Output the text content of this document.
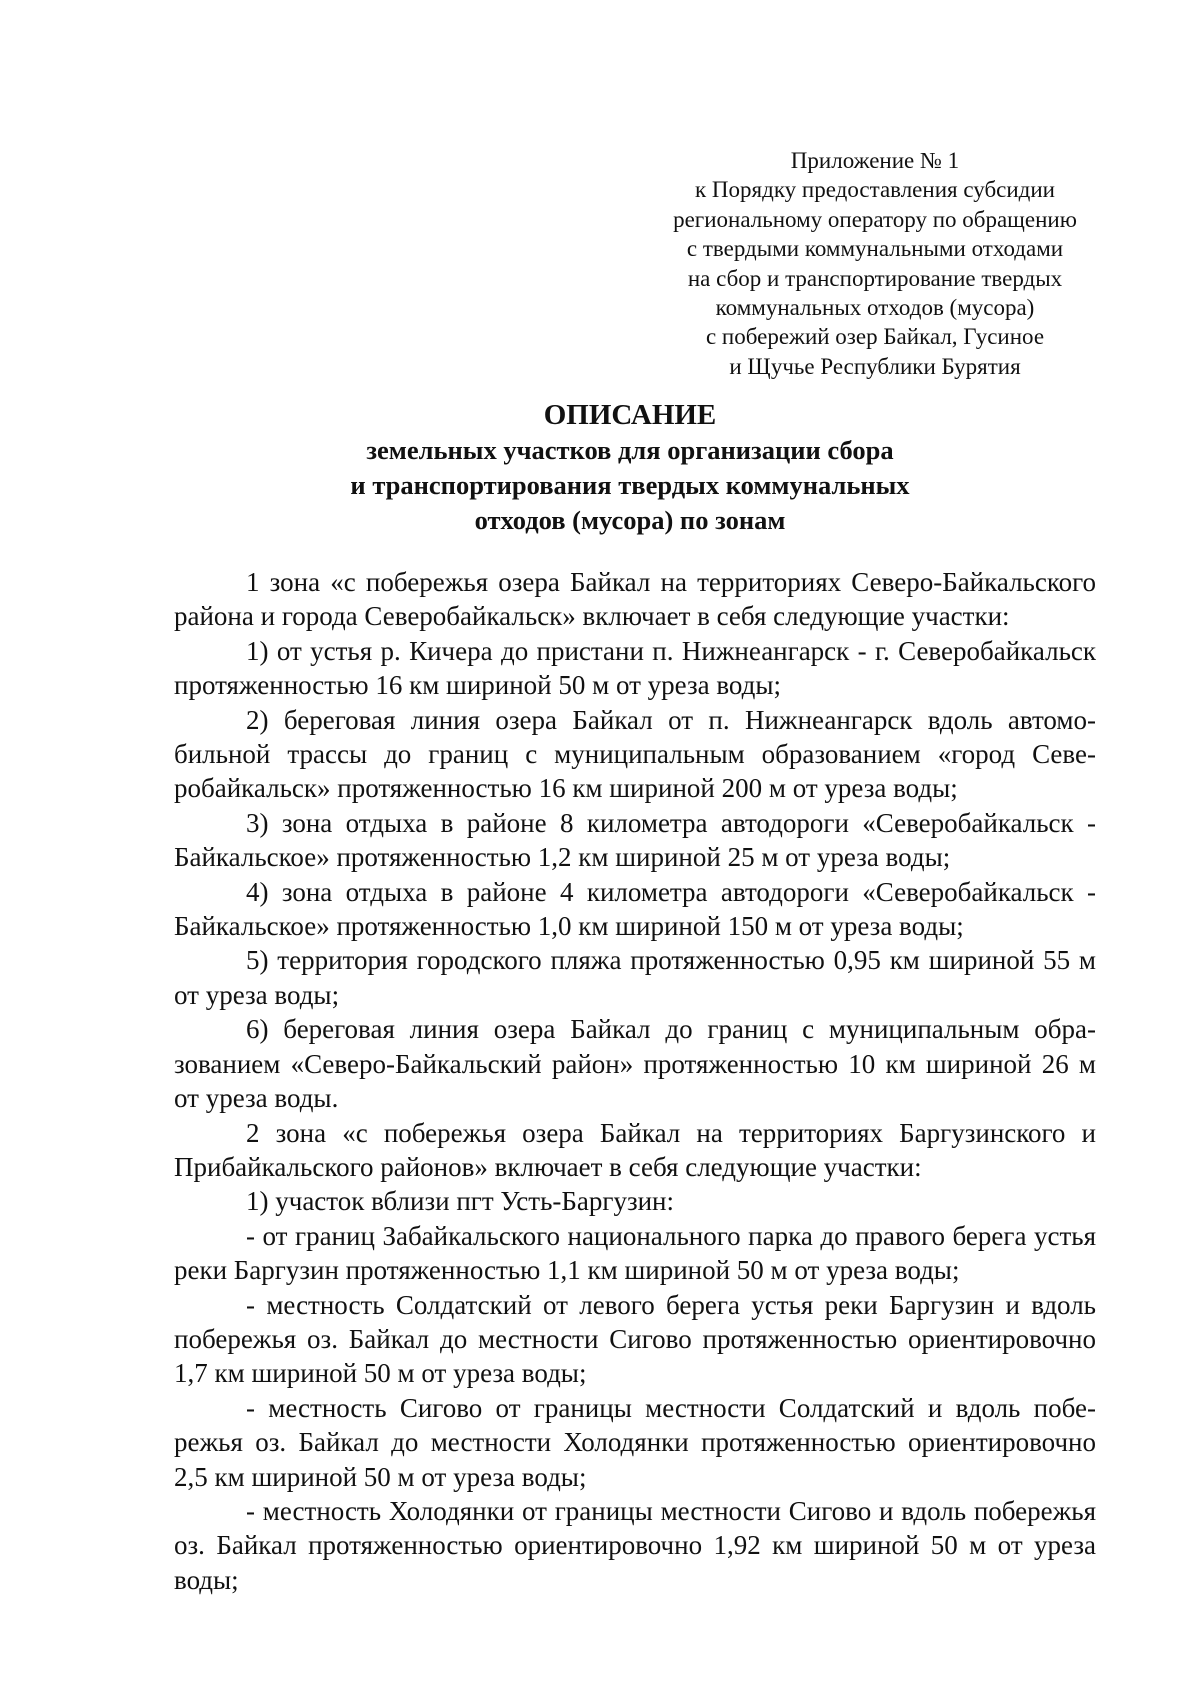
Приложение № 1
к Порядку предоставления субсидии
региональному оператору по обращению
с твердыми коммунальными отходами
на сбор и транспортирование твердых
коммунальных отходов (мусора)
с побережий озер Байкал, Гусиное
и Щучье Республики Бурятия
ОПИСАНИЕ
земельных участков для организации сбора
и транспортирования твердых коммунальных
отходов (мусора) по зонам

1 зона «с побережья озера Байкал на территориях Северо-Байкальского района и города Северобайкальск» включает в себя следующие участки:

1) от устья р. Кичера до пристани п. Нижнеангарск - г. Северобайкальск протяженностью 16 км шириной 50 м от уреза воды;

2) береговая линия озера Байкал от п. Нижнеангарск вдоль автомобильной трассы до границ с муниципальным образованием «город Северобайкальск» протяженностью 16 км шириной 200 м от уреза воды;

3) зона отдыха в районе 8 километра автодороги «Северобайкальск - Байкальское» протяженностью 1,2 км шириной 25 м от уреза воды;

4) зона отдыха в районе 4 километра автодороги «Северобайкальск - Байкальское» протяженностью 1,0 км шириной 150 м от уреза воды;

5) территория городского пляжа протяженностью 0,95 км шириной 55 м от уреза воды;

6) береговая линия озера Байкал до границ с муниципальным образованием «Северо-Байкальский район» протяженностью 10 км шириной 26 м от уреза воды.

2 зона «с побережья озера Байкал на территориях Баргузинского и Прибайкальского районов» включает в себя следующие участки:

1) участок вблизи пгт Усть-Баргузин:

- от границ Забайкальского национального парка до правого берега устья реки Баргузин протяженностью 1,1 км шириной 50 м от уреза воды;

- местность Солдатский от левого берега устья реки Баргузин и вдоль побережья оз. Байкал до местности Сигово протяженностью ориентировочно 1,7 км шириной 50 м от уреза воды;

- местность Сигово от границы местности Солдатский и вдоль побережья оз. Байкал до местности Холодянки протяженностью ориентировочно 2,5 км шириной 50 м от уреза воды;

- местность Холодянки от границы местности Сигово и вдоль побережья оз. Байкал протяженностью ориентировочно 1,92 км шириной 50 м от уреза воды;
